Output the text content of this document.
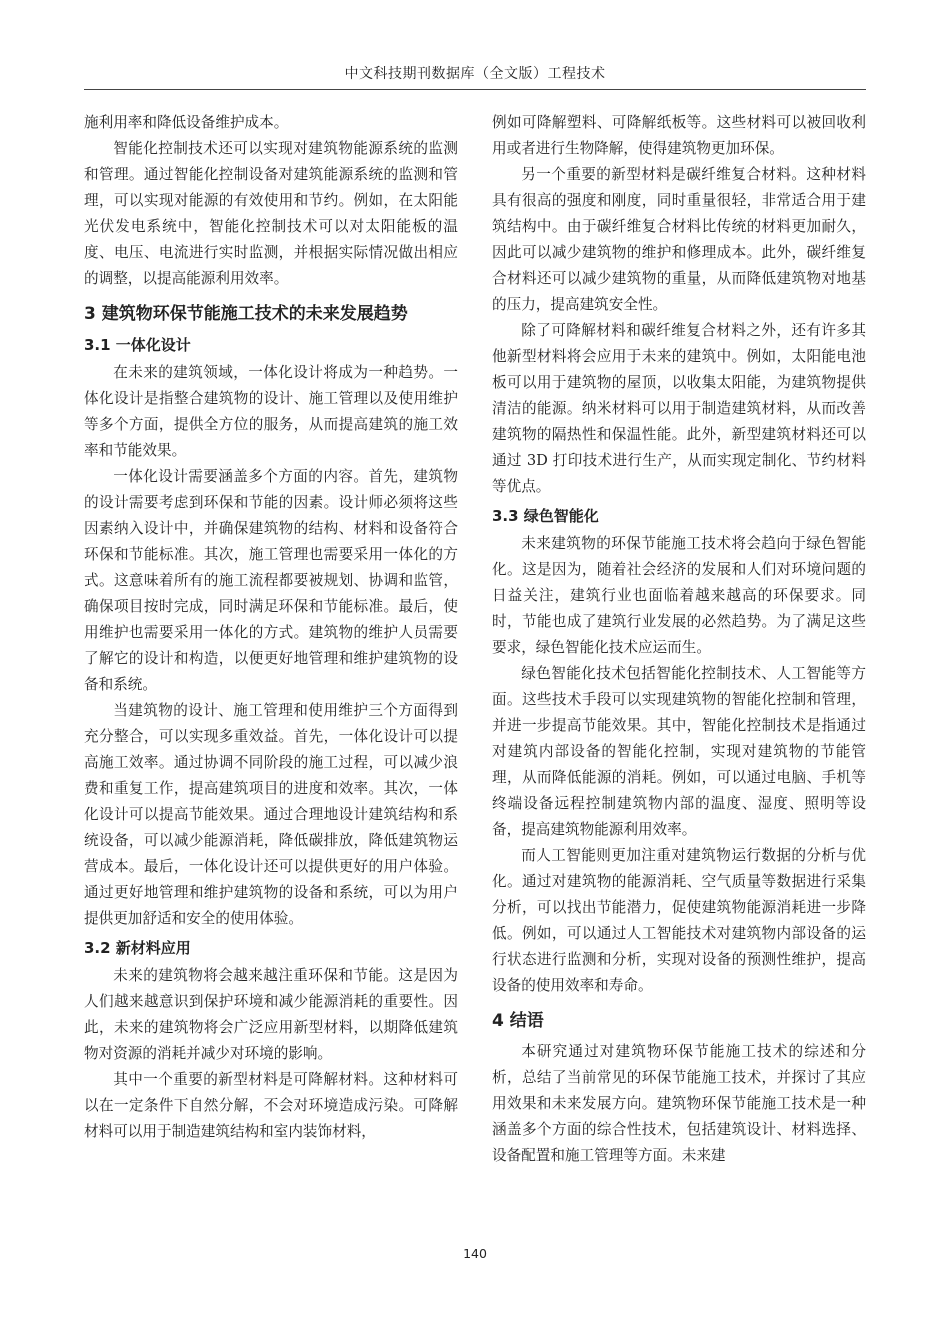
中文科技期刊数据库（全文版）工程技术

施利用率和降低设备维护成本。

智能化控制技术还可以实现对建筑物能源系统的监测和管理。通过智能化控制设备对建筑能源系统的监测和管理，可以实现对能源的有效使用和节约。例如，在太阳能光伏发电系统中，智能化控制技术可以对太阳能板的温度、电压、电流进行实时监测，并根据实际情况做出相应的调整，以提高能源利用效率。

3 建筑物环保节能施工技术的未来发展趋势
3.1 一体化设计

在未来的建筑领域，一体化设计将成为一种趋势。一体化设计是指整合建筑物的设计、施工管理以及使用维护等多个方面，提供全方位的服务，从而提高建筑的施工效率和节能效果。

一体化设计需要涵盖多个方面的内容。首先，建筑物的设计需要考虑到环保和节能的因素。设计师必须将这些因素纳入设计中，并确保建筑物的结构、材料和设备符合环保和节能标准。其次，施工管理也需要采用一体化的方式。这意味着所有的施工流程都要被规划、协调和监管，确保项目按时完成，同时满足环保和节能标准。最后，使用维护也需要采用一体化的方式。建筑物的维护人员需要了解它的设计和构造，以便更好地管理和维护建筑物的设备和系统。

当建筑物的设计、施工管理和使用维护三个方面得到充分整合，可以实现多重效益。首先，一体化设计可以提高施工效率。通过协调不同阶段的施工过程，可以减少浪费和重复工作，提高建筑项目的进度和效率。其次，一体化设计可以提高节能效果。通过合理地设计建筑结构和系统设备，可以减少能源消耗，降低碳排放，降低建筑物运营成本。最后，一体化设计还可以提供更好的用户体验。通过更好地管理和维护建筑物的设备和系统，可以为用户提供更加舒适和安全的使用体验。

3.2 新材料应用

未来的建筑物将会越来越注重环保和节能。这是因为人们越来越意识到保护环境和减少能源消耗的重要性。因此，未来的建筑物将会广泛应用新型材料，以期降低建筑物对资源的消耗并减少对环境的影响。

其中一个重要的新型材料是可降解材料。这种材料可以在一定条件下自然分解，不会对环境造成污染。可降解材料可以用于制造建筑结构和室内装饰材料，

例如可降解塑料、可降解纸板等。这些材料可以被回收利用或者进行生物降解，使得建筑物更加环保。

另一个重要的新型材料是碳纤维复合材料。这种材料具有很高的强度和刚度，同时重量很轻，非常适合用于建筑结构中。由于碳纤维复合材料比传统的材料更加耐久，因此可以减少建筑物的维护和修理成本。此外，碳纤维复合材料还可以减少建筑物的重量，从而降低建筑物对地基的压力，提高建筑安全性。

除了可降解材料和碳纤维复合材料之外，还有许多其他新型材料将会应用于未来的建筑中。例如，太阳能电池板可以用于建筑物的屋顶，以收集太阳能，为建筑物提供清洁的能源。纳米材料可以用于制造建筑材料，从而改善建筑物的隔热性和保温性能。此外，新型建筑材料还可以通过 3D 打印技术进行生产，从而实现定制化、节约材料等优点。

3.3 绿色智能化

未来建筑物的环保节能施工技术将会趋向于绿色智能化。这是因为，随着社会经济的发展和人们对环境问题的日益关注，建筑行业也面临着越来越高的环保要求。同时，节能也成了建筑行业发展的必然趋势。为了满足这些要求，绿色智能化技术应运而生。

绿色智能化技术包括智能化控制技术、人工智能等方面。这些技术手段可以实现建筑物的智能化控制和管理，并进一步提高节能效果。其中，智能化控制技术是指通过对建筑内部设备的智能化控制，实现对建筑物的节能管理，从而降低能源的消耗。例如，可以通过电脑、手机等终端设备远程控制建筑物内部的温度、湿度、照明等设备，提高建筑物能源利用效率。

而人工智能则更加注重对建筑物运行数据的分析与优化。通过对建筑物的能源消耗、空气质量等数据进行采集分析，可以找出节能潜力，促使建筑物能源消耗进一步降低。例如，可以通过人工智能技术对建筑物内部设备的运行状态进行监测和分析，实现对设备的预测性维护，提高设备的使用效率和寿命。

4 结语

本研究通过对建筑物环保节能施工技术的综述和分析，总结了当前常见的环保节能施工技术，并探讨了其应用效果和未来发展方向。建筑物环保节能施工技术是一种涵盖多个方面的综合性技术，包括建筑设计、材料选择、设备配置和施工管理等方面。未来建

140
